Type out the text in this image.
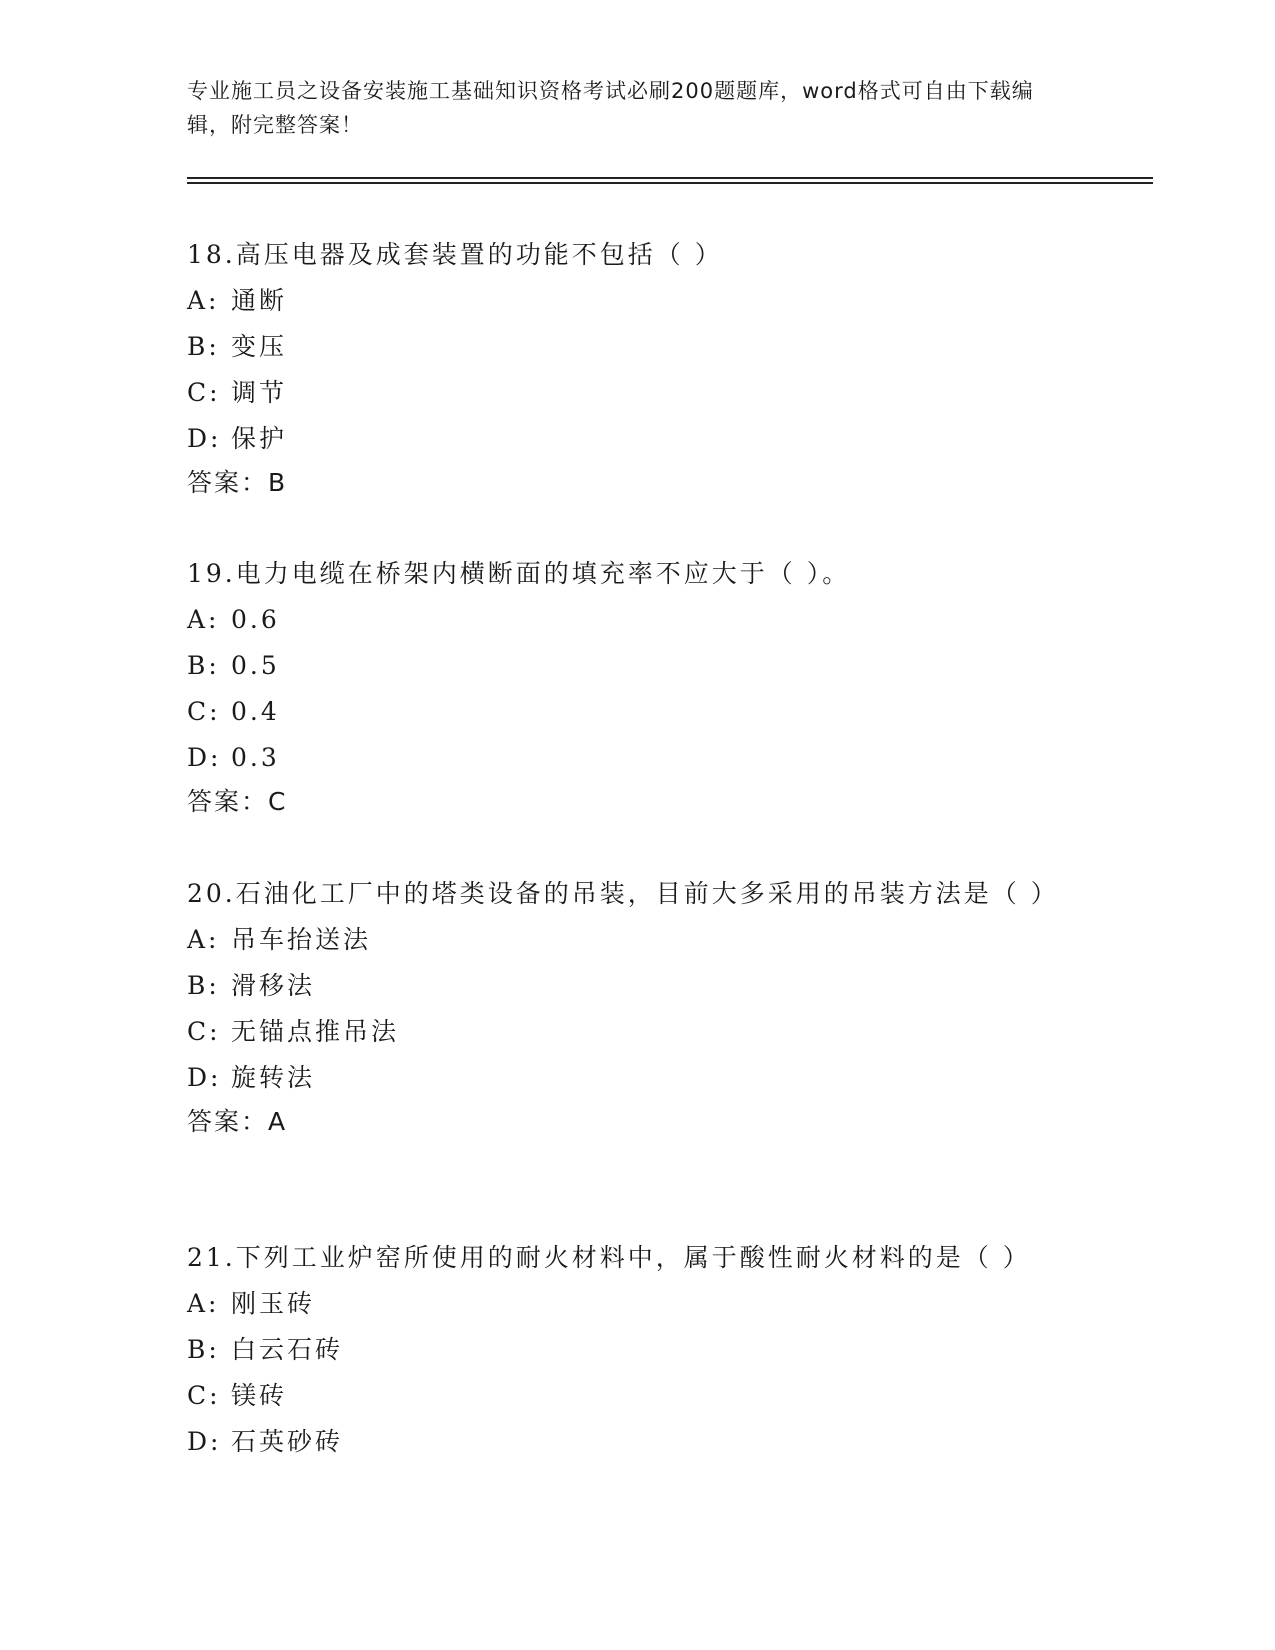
专业施工员之设备安装施工基础知识资格考试必刷200题题库，word格式可自由下载编辑，附完整答案！

18.高压电器及成套装置的功能不包括（ ）

A: 通断
B: 变压
C: 调节
D: 保护
答案：B

19.电力电缆在桥架内横断面的填充率不应大于（ ）。

A: 0.6
B: 0.5
C: 0.4
D: 0.3
答案：C

20.石油化工厂中的塔类设备的吊装，目前大多采用的吊装方法是（ ）

A: 吊车抬送法
B: 滑移法
C: 无锚点推吊法
D: 旋转法
答案：A

21.下列工业炉窑所使用的耐火材料中，属于酸性耐火材料的是（ ）

A: 刚玉砖
B: 白云石砖
C: 镁砖
D: 石英砂砖
